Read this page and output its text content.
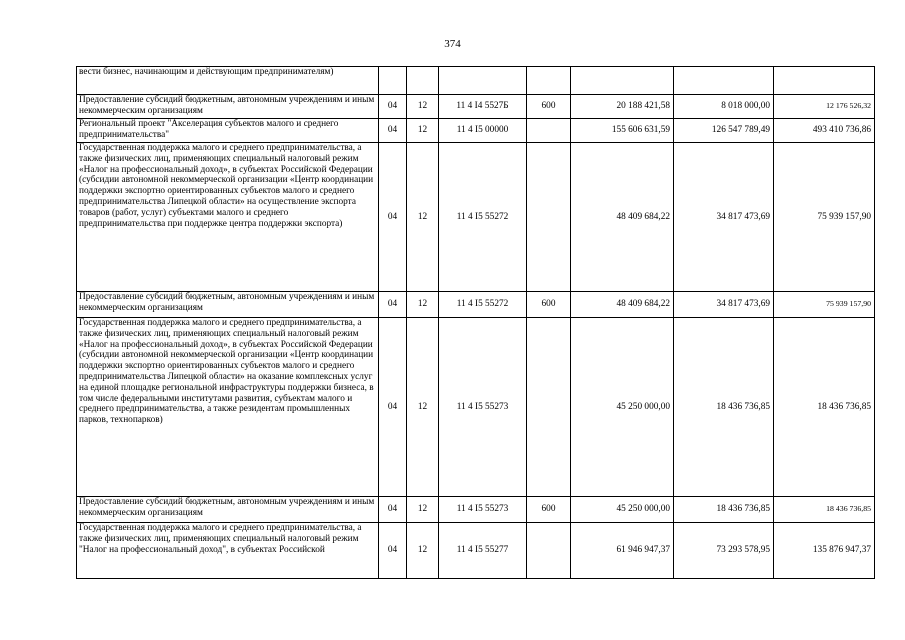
374
вести бизнес, начинающим и действующим предпринимателям)							
Предоставление субсидий бюджетным, автономным учреждениям и иным некоммерческим организациям	04	12	11 4 I4 5527Б	600	20 188 421,58	8 018 000,00	12 176 526,32
Региональный проект "Акселерация субъектов малого и среднего предпринимательства"	04	12	11 4 I5 00000		155 606 631,59	126 547 789,49	493 410 736,86
Государственная поддержка малого и среднего предпринимательства, а также физических лиц, применяющих специальный налоговый режим «Налог на профессиональный доход», в субъектах Российской Федерации (субсидии автономной некоммерческой организации «Центр координации поддержки экспортно ориентированных субъектов малого и среднего предпринимательства Липецкой области» на осуществление экспорта товаров (работ, услуг) субъектами малого и среднего предпринимательства при поддержке центра поддержки экспорта)	04	12	11 4 I5 55272		48 409 684,22	34 817 473,69	75 939 157,90
Предоставление субсидий бюджетным, автономным учреждениям и иным некоммерческим организациям	04	12	11 4 I5 55272	600	48 409 684,22	34 817 473,69	75 939 157,90
Государственная поддержка малого и среднего предпринимательства, а также физических лиц, применяющих специальный налоговый режим «Налог на профессиональный доход», в субъектах Российской Федерации (субсидии автономной некоммерческой организации «Центр координации поддержки экспортно ориентированных субъектов малого и среднего предпринимательства Липецкой области» на оказание комплексных услуг на единой площадке региональной инфраструктуры поддержки бизнеса, в том числе федеральными институтами развития, субъектам малого и среднего предпринимательства, а также резидентам промышленных парков, технопарков)	04	12	11 4 I5 55273		45 250 000,00	18 436 736,85	18 436 736,85
Предоставление субсидий бюджетным, автономным учреждениям и иным некоммерческим организациям	04	12	11 4 I5 55273	600	45 250 000,00	18 436 736,85	18 436 736,85
Государственная поддержка малого и среднего предпринимательства, а также физических лиц, применяющих специальный налоговый режим "Налог на профессиональный доход", в субъектах Российской	04	12	11 4 I5 55277		61 946 947,37	73 293 578,95	135 876 947,37
